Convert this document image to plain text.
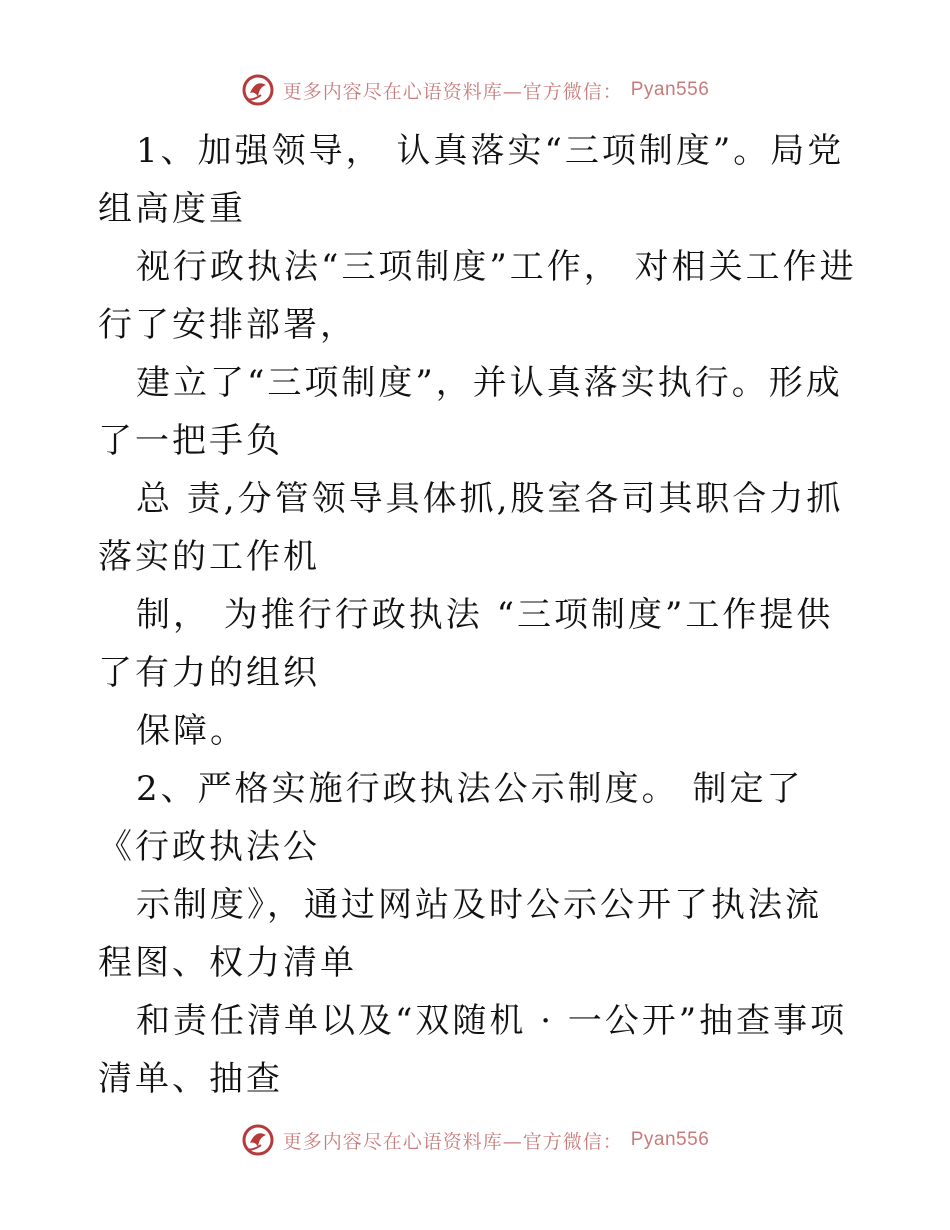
更多内容尽在心语资料库—官方微信： Pyan556

1、加强领导， 认真落实“三项制度”。局党组高度重

视行政执法“三项制度”工作， 对相关工作进行了安排部署，

建立了“三项制度”，并认真落实执行。形成了一把手负

总 责,分管领导具体抓,股室各司其职合力抓落实的工作机

制， 为推行行政执法 “三项制度”工作提供了有力的组织

保障。

2、严格实施行政执法公示制度。 制定了《行政执法公

示制度》，通过网站及时公示公开了执法流程图、权力清单

和责任清单以及“双随机 · 一公开”抽查事项清单、抽查

更多内容尽在心语资料库—官方微信： Pyan556
